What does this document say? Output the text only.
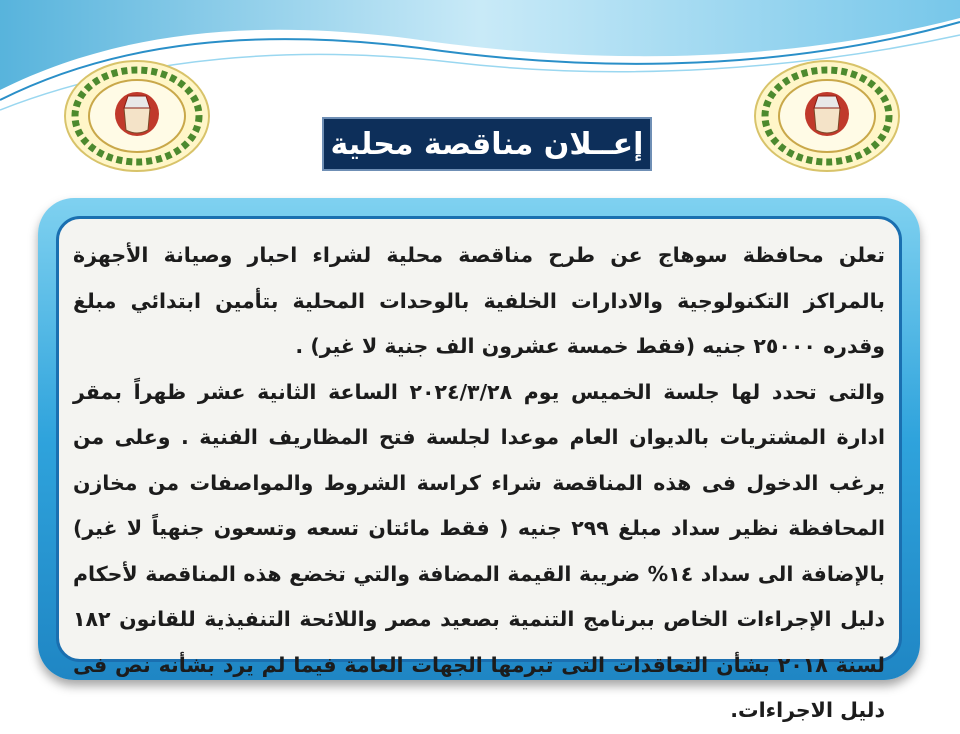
إعــلان مناقصة محلية

تعلن محافظة سوهاج عن طرح مناقصة محلية لشراء احبار وصيانة الأجهزة بالمراكز التكنولوجية والادارات الخلفية بالوحدات المحلية بتأمين ابتدائي مبلغ وقدره ٢٥٠٠٠ جنيه (فقط خمسة عشرون الف جنية لا غير) .

والتى تحدد لها جلسة الخميس يوم ٢٠٢٤/٣/٢٨ الساعة الثانية عشر ظهراً بمقر ادارة المشتريات بالديوان العام موعدا لجلسة فتح المظاريف الفنية . وعلى من يرغب الدخول فى هذه المناقصة شراء كراسة الشروط والمواصفات من مخازن المحافظة نظير سداد مبلغ ٢٩٩ جنيه ( فقط مائتان تسعه وتسعون جنهياً لا غير) بالإضافة الى سداد ١٤% ضريبة القيمة المضافة والتي تخضع هذه المناقصة لأحكام دليل الإجراءات الخاص ببرنامج التنمية بصعيد مصر واللائحة التنفيذية للقانون ١٨٢ لسنة ٢٠١٨ بشأن التعاقدات التى تبرمها الجهات العامة فيما لم يرد بشأنه نص فى دليل الاجراءات.
